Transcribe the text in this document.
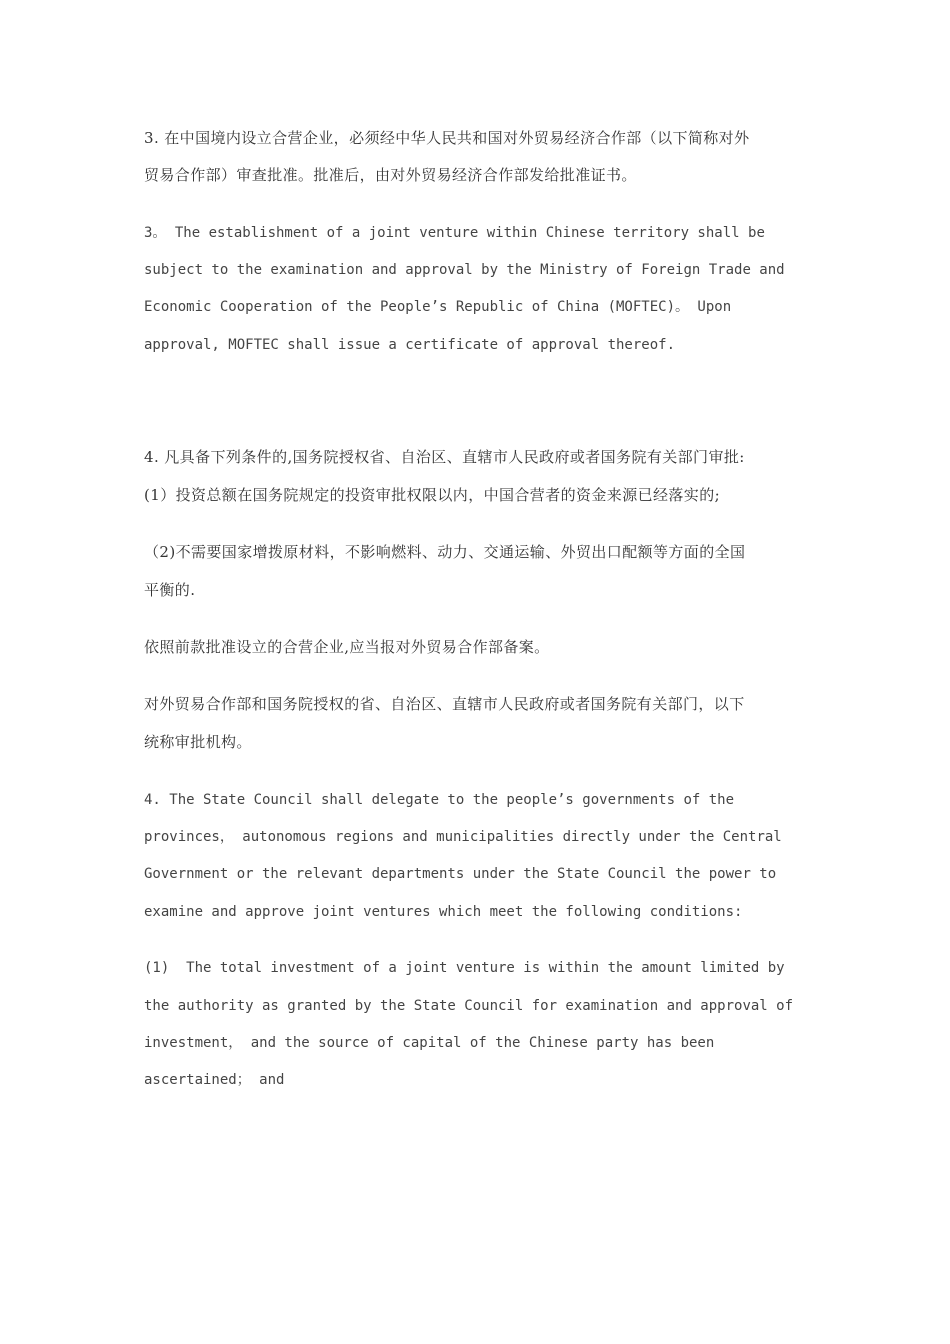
3. 在中国境内设立合营企业，必须经中华人民共和国对外贸易经济合作部（以下简称对外
贸易合作部）审查批准。批准后，由对外贸易经济合作部发给批准证书。
3。 The establishment of a joint venture within Chinese territory shall be
subject to the examination and approval by the Ministry of Foreign Trade and
Economic Cooperation of the People’s Republic of China (MOFTEC)。 Upon
approval, MOFTEC shall issue a certificate of approval thereof.
4. 凡具备下列条件的,国务院授权省、自治区、直辖市人民政府或者国务院有关部门审批:
(1）投资总额在国务院规定的投资审批权限以内，中国合营者的资金来源已经落实的;
（2)不需要国家增拨原材料，不影响燃料、动力、交通运输、外贸出口配额等方面的全国
平衡的.
依照前款批准设立的合营企业,应当报对外贸易合作部备案。
对外贸易合作部和国务院授权的省、自治区、直辖市人民政府或者国务院有关部门，以下
统称审批机构。
4. The State Council shall delegate to the people’s governments of the
provinces， autonomous regions and municipalities directly under the Central
Government or the relevant departments under the State Council the power to
examine and approve joint ventures which meet the following conditions:
(1)  The total investment of a joint venture is within the amount limited by
the authority as granted by the State Council for examination and approval of
investment， and the source of capital of the Chinese party has been
ascertained； and
